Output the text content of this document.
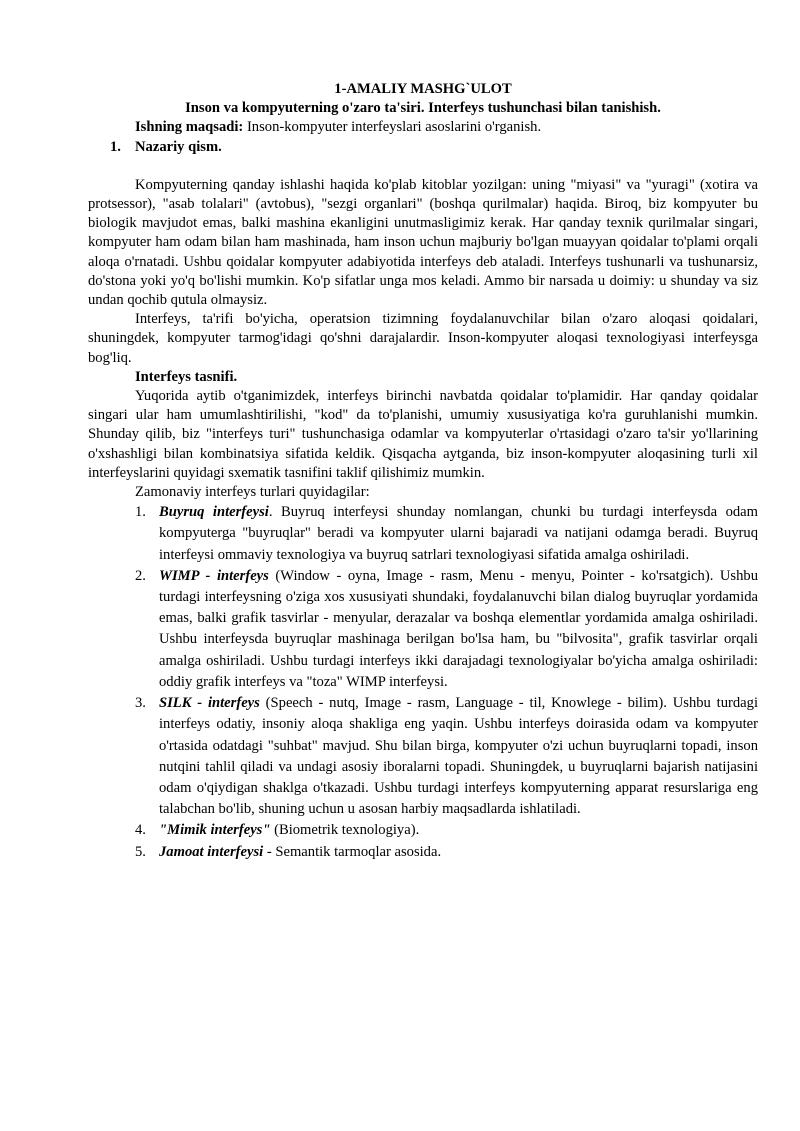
1-AMALIY MASHG`ULOT

Inson va kompyuterning o'zaro ta'siri. Interfeys tushunchasi bilan tanishish.

Ishning maqsadi: Inson-kompyuter interfeyslari asoslarini o'rganish.

1. Nazariy qism.

Kompyuterning qanday ishlashi haqida ko'plab kitoblar yozilgan: uning "miyasi" va "yuragi" (xotira va protsessor), "asab tolalari" (avtobus), "sezgi organlari" (boshqa qurilmalar) haqida. Biroq, biz kompyuter bu biologik mavjudot emas, balki mashina ekanligini unutmasligimiz kerak. Har qanday texnik qurilmalar singari, kompyuter ham odam bilan ham mashinada, ham inson uchun majburiy bo'lgan muayyan qoidalar to'plami orqali aloqa o'rnatadi. Ushbu qoidalar kompyuter adabiyotida interfeys deb ataladi. Interfeys tushunarli va tushunarsiz, do'stona yoki yo'q bo'lishi mumkin. Ko'p sifatlar unga mos keladi. Ammo bir narsada u doimiy: u shunday va siz undan qochib qutula olmaysiz.

Interfeys, ta'rifi bo'yicha, operatsion tizimning foydalanuvchilar bilan o'zaro aloqasi qoidalari, shuningdek, kompyuter tarmog'idagi qo'shni darajalardir. Inson-kompyuter aloqasi texnologiyasi interfeysga bog'liq.

Interfeys tasnifi.

Yuqorida aytib o'tganimizdek, interfeys birinchi navbatda qoidalar to'plamidir. Har qanday qoidalar singari ular ham umumlashtirilishi, "kod" da to'planishi, umumiy xususiyatiga ko'ra guruhlanishi mumkin. Shunday qilib, biz "interfeys turi" tushunchasiga odamlar va kompyuterlar o'rtasidagi o'zaro ta'sir yo'llarining o'xshashligi bilan kombinatsiya sifatida keldik. Qisqacha aytganda, biz inson-kompyuter aloqasining turli xil interfeyslarini quyidagi sxematik tasnifini taklif qilishimiz mumkin.

Zamonaviy interfeys turlari quyidagilar:

1. Buyruq interfeysi. Buyruq interfeysi shunday nomlangan, chunki bu turdagi interfeysda odam kompyuterga "buyruqlar" beradi va kompyuter ularni bajaradi va natijani odamga beradi. Buyruq interfeysi ommaviy texnologiya va buyruq satrlari texnologiyasi sifatida amalga oshiriladi.
2. WIMP - interfeys (Window - oyna, Image - rasm, Menu - menyu, Pointer - ko'rsatgich). Ushbu turdagi interfeysning o'ziga xos xususiyati shundaki, foydalanuvchi bilan dialog buyruqlar yordamida emas, balki grafik tasvirlar - menyular, derazalar va boshqa elementlar yordamida amalga oshiriladi. Ushbu interfeysda buyruqlar mashinaga berilgan bo'lsa ham, bu "bilvosita", grafik tasvirlar orqali amalga oshiriladi. Ushbu turdagi interfeys ikki darajadagi texnologiyalar bo'yicha amalga oshiriladi: oddiy grafik interfeys va "toza" WIMP interfeysi.
3. SILK - interfeys (Speech - nutq, Image - rasm, Language - til, Knowlege - bilim). Ushbu turdagi interfeys odatiy, insoniy aloqa shakliga eng yaqin. Ushbu interfeys doirasida odam va kompyuter o'rtasida odatdagi "suhbat" mavjud. Shu bilan birga, kompyuter o'zi uchun buyruqlarni topadi, inson nutqini tahlil qiladi va undagi asosiy iboralarni topadi. Shuningdek, u buyruqlarni bajarish natijasini odam o'qiydigan shaklga o'tkazadi. Ushbu turdagi interfeys kompyuterning apparat resurslariga eng talabchan bo'lib, shuning uchun u asosan harbiy maqsadlarda ishlatiladi.
4. "Mimik interfeys" (Biometrik texnologiya).
5. Jamoat interfeysi - Semantik tarmoqlar asosida.
